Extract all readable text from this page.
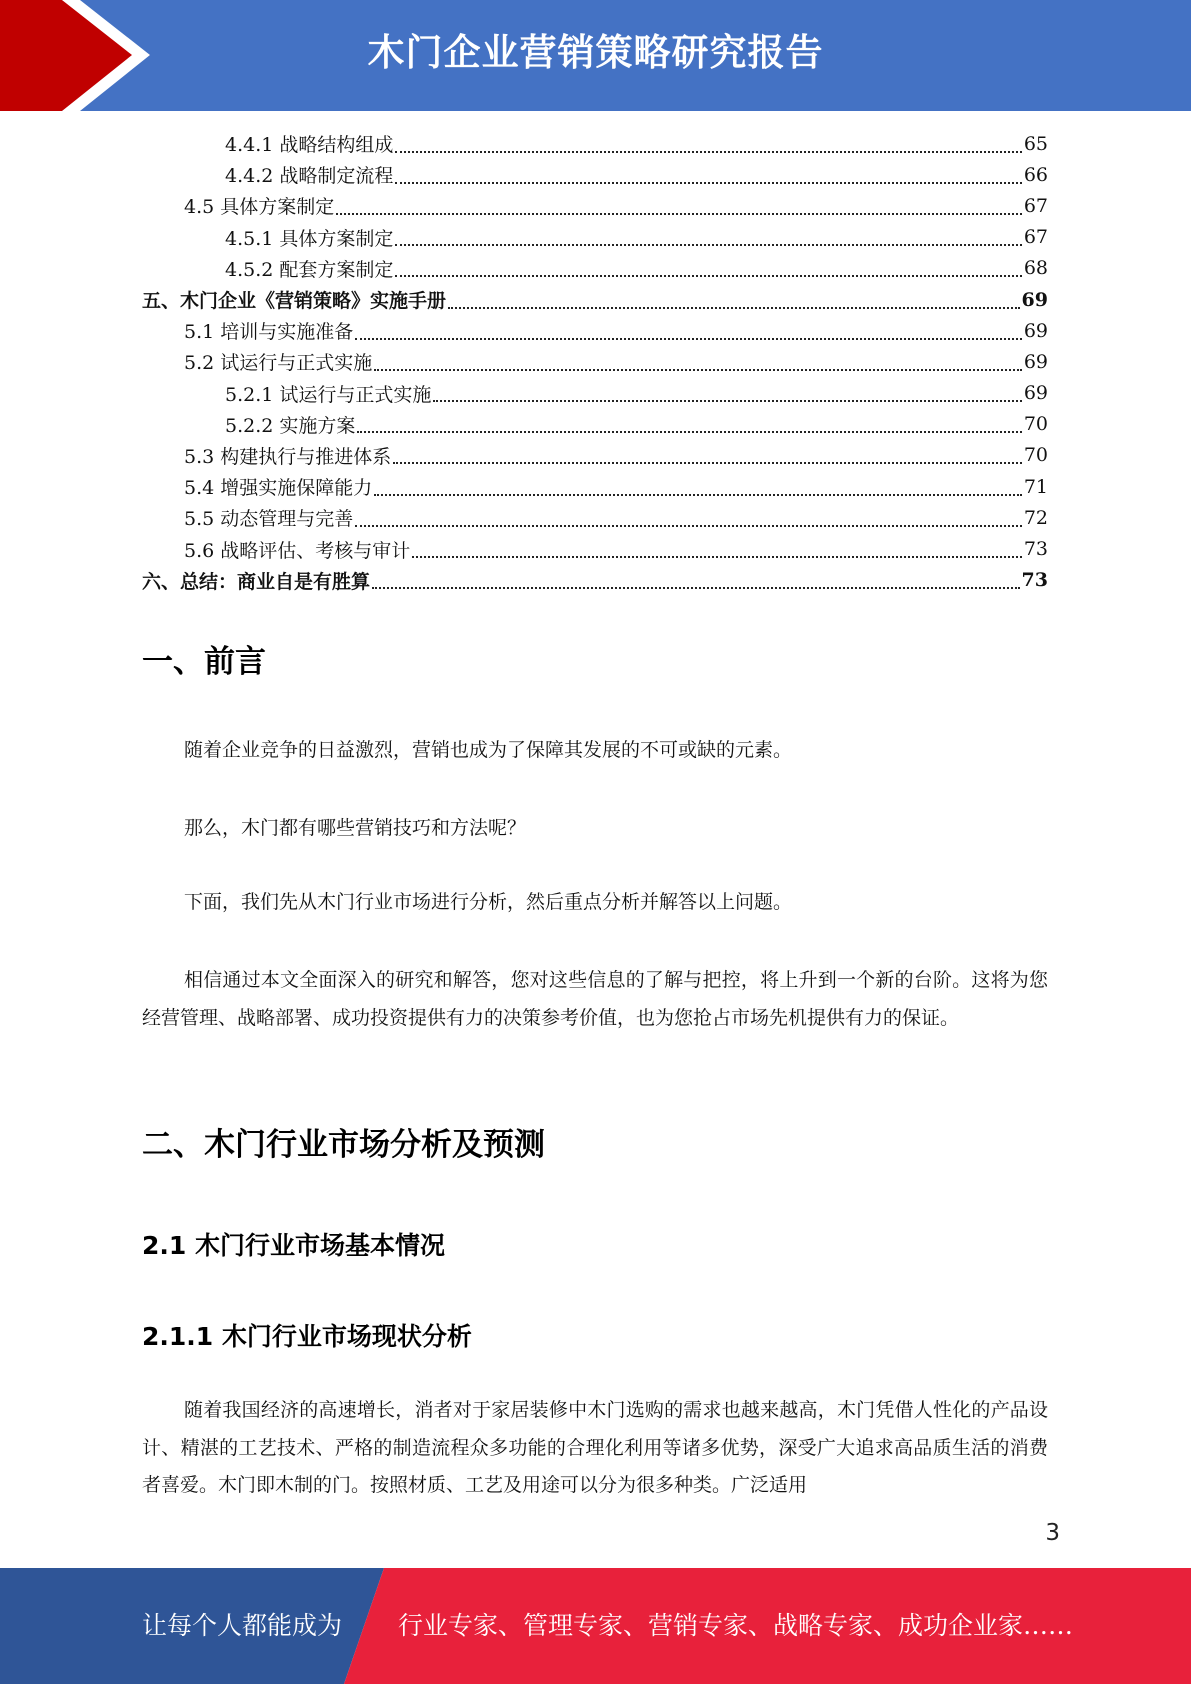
木门企业营销策略研究报告
4.4.1 战略结构组成	65
4.4.2 战略制定流程	66
4.5 具体方案制定	67
4.5.1 具体方案制定	67
4.5.2 配套方案制定	68
五、木门企业《营销策略》实施手册	69
5.1 培训与实施准备	69
5.2 试运行与正式实施	69
5.2.1 试运行与正式实施	69
5.2.2 实施方案	70
5.3 构建执行与推进体系	70
5.4 增强实施保障能力	71
5.5 动态管理与完善	72
5.6 战略评估、考核与审计	73
六、总结：商业自是有胜算	73
一、前言
随着企业竞争的日益激烈，营销也成为了保障其发展的不可或缺的元素。
那么，木门都有哪些营销技巧和方法呢？
下面，我们先从木门行业市场进行分析，然后重点分析并解答以上问题。
相信通过本文全面深入的研究和解答，您对这些信息的了解与把控，将上升到一个新的台阶。这将为您经营管理、战略部署、成功投资提供有力的决策参考价值，也为您抢占市场先机提供有力的保证。
二、木门行业市场分析及预测
2.1 木门行业市场基本情况
2.1.1 木门行业市场现状分析
随着我国经济的高速增长，消者对于家居装修中木门选购的需求也越来越高，木门凭借人性化的产品设计、精湛的工艺技术、严格的制造流程众多功能的合理化利用等诸多优势，深受广大追求高品质生活的消费者喜爱。木门即木制的门。按照材质、工艺及用途可以分为很多种类。广泛适用
3
让每个人都能成为 行业专家、管理专家、营销专家、战略专家、成功企业家……
